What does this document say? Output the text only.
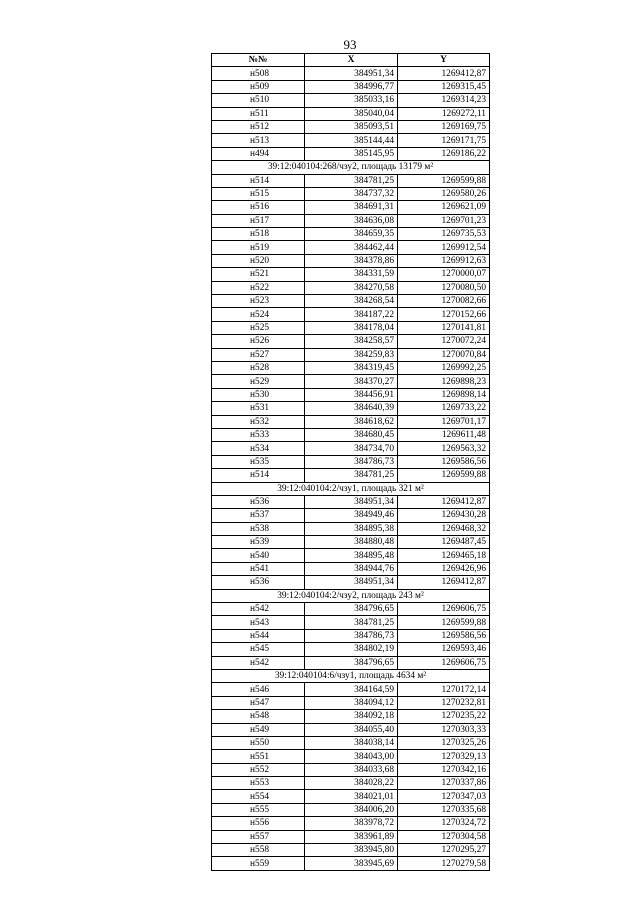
93
№№	X	Y
н508	384951,34	1269412,87
н509	384996,77	1269315,45
н510	385033,16	1269314,23
н511	385040,04	1269272,11
н512	385093,51	1269169,75
н513	385144,44	1269171,75
н494	385145,95	1269186,22
39:12:040104:268/чзу2, площадь 13179 м²		
н514	384781,25	1269599,88
н515	384737,32	1269580,26
н516	384691,31	1269621,09
н517	384636,08	1269701,23
н518	384659,35	1269735,53
н519	384462,44	1269912,54
н520	384378,86	1269912,63
н521	384331,59	1270000,07
н522	384270,58	1270080,50
н523	384268,54	1270082,66
н524	384187,22	1270152,66
н525	384178,04	1270141,81
н526	384258,57	1270072,24
н527	384259,83	1270070,84
н528	384319,45	1269992,25
н529	384370,27	1269898,23
н530	384456,91	1269898,14
н531	384640,39	1269733,22
н532	384618,62	1269701,17
н533	384680,45	1269611,48
н534	384734,70	1269563,32
н535	384786,73	1269586,56
н514	384781,25	1269599,88
39:12:040104:2/чзу1, площадь 321 м²		
н536	384951,34	1269412,87
н537	384949,46	1269430,28
н538	384895,38	1269468,32
н539	384880,48	1269487,45
н540	384895,48	1269465,18
н541	384944,76	1269426,96
н536	384951,34	1269412,87
39:12:040104:2/чзу2, площадь 243 м²		
н542	384796,65	1269606,75
н543	384781,25	1269599,88
н544	384786,73	1269586,56
н545	384802,19	1269593,46
н542	384796,65	1269606,75
39:12:040104:6/чзу1, площадь 4634 м²		
н546	384164,59	1270172,14
н547	384094,12	1270232,81
н548	384092,18	1270235,22
н549	384055,40	1270303,33
н550	384038,14	1270325,26
н551	384043,00	1270329,13
н552	384033,68	1270342,16
н553	384028,22	1270337,86
н554	384021,01	1270347,03
н555	384006,20	1270335,68
н556	383978,72	1270324,72
н557	383961,89	1270304,58
н558	383945,80	1270295,27
н559	383945,69	1270279,58
